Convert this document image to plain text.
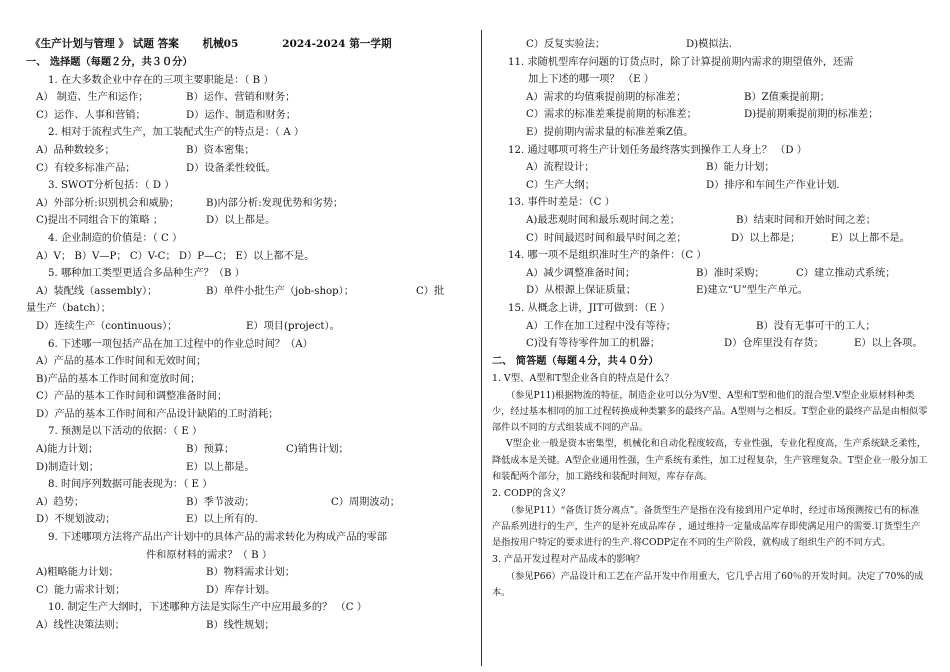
《生产计划与管理 》 试题 答案 机械05	2024-2024 第一学期
一、 选择题（每题２分，共３０分）
1. 在大多数企业中存在的三项主要职能是：（ B ）
A） 制造、生产和运作；	B）运作、营销和财务；
C）运作、人事和营销；	D）运作、制造和财务；
2. 相对于流程式生产，加工装配式生产的特点是：（ A ）
A）品种数较多；	B）资本密集；
C）有较多标准产品；	D）设备柔性较低。
3. SWOT分析包括：（ D ）
A）外部分析:识别机会和威胁；	B)内部分析:发现优势和劣势；
C)提出不同组合下的策略 ；	D）以上都是。
4. 企业制造的价值是：（ C ）
A）V； B）V—P； C）V-C； D）P—C； E）以上都不是。
5. 哪种加工类型更适合多品种生产？（B ）
A）装配线（assembly）；	B）单件小批生产（job-shop）；	C）批
量生产（batch）；
D）连续生产（continuous）；	E）项目(project）。
6. 下述哪一项包括产品在加工过程中的作业总时间？（A）
A）产品的基本工作时间和无效时间；
B)产品的基本工作时间和宽放时间；
C）产品的基本工作时间和调整准备时间；
D）产品的基本工作时间和产品设计缺陷的工时消耗；
7. 预测是以下活动的依据：（ E ）
A)能力计划；	B）预算；	C)销售计划；
D)制造计划；	E）以上都是。
8. 时间序列数据可能表现为：（ E ）
A）趋势；	B）季节波动；	C）周期波动；
D）不规划波动；	E）以上所有的.
9. 下述哪项方法将产品出产计划中的具体产品的需求转化为构成产品的零部
件和原材料的需求？（ B ）
A)粗略能力计划；	B）物料需求计划；
C）能力需求计划；	D）库存计划。
10. 制定生产大纲时，下述哪种方法是实际生产中应用最多的？ （C ）
A）线性决策法则；	B）线性规划；
C）反复实验法；	D)模拟法.
11. 求随机型库存问题的订货点时，除了计算提前期内需求的期望值外，还需
加上下述的哪一项？ （E ）
A）需求的均值乘提前期的标准差；	B）Z值乘提前期；
C）需求的标准差乘提前期的标准差；	D)提前期乘提前期的标准差；
E）提前期内需求量的标准差乘Z值。
12. 通过哪项可将生产计划任务最终落实到操作工人身上？ （D ）
A）流程设计；	B）能力计划；
C）生产大纲；	D）排序和车间生产作业计划.
13. 事件时差是：（C ）
A)最悲观时间和最乐观时间之差；	B）结束时间和开始时间之差；
C）时间最迟时间和最早时间之差；	D）以上都是；	E）以上都不是。
14. 哪一项不是组织准时生产的条件：（C ）
A）减少调整准备时间；	B）准时采购；	C）建立推动式系统；
D）从根源上保证质量；	E)建立“U”型生产单元。
15. 从概念上讲，JIT可做到：（E ）
A）工作在加工过程中没有等待；	B）没有无事可干的工人；
C)没有等待零件加工的机器；	D）仓库里没有存货；	E）以上各项。
二、 简答题（每题４分，共４０分）
1. V型、A型和T型企业各自的特点是什么？
（参见P11)根据物流的特征，制造企业可以分为V型、A型和T型和他们的混合型.V型企业原材料种类少，经过基本相同的加工过程转换成种类繁多的最终产品。A型则与之相反。T型企业的最终产品是由相似零部件以不同的方式组装成不同的产品。
V型企业一般是资本密集型，机械化和自动化程度较高，专业性强，专业化程度高，生产系统缺乏柔性，降低成本是关键。A型企业通用性强，生产系统有柔性，加工过程复杂，生产管理复杂。T型企业一般分加工和装配两个部分，加工路线和装配时间短，库存存高。
2. CODP的含义？
（参见P11）“备货订货分离点”。备货型生产是指在没有接到用户定单时，经过市场预测按已有的标准产品系列进行的生产，生产的是补充成品库存 ，通过维持一定量成品库存即使满足用户的需要.订货型生产是指按用户特定的要求进行的生产.将CODP定在不同的生产阶段，就构成了组织生产的不同方式。
3. 产品开发过程对产品成本的影响？
（参见P66）产品设计和工艺在产品开发中作用重大，它几乎占用了60％的开发时间。决定了70%的成本。
